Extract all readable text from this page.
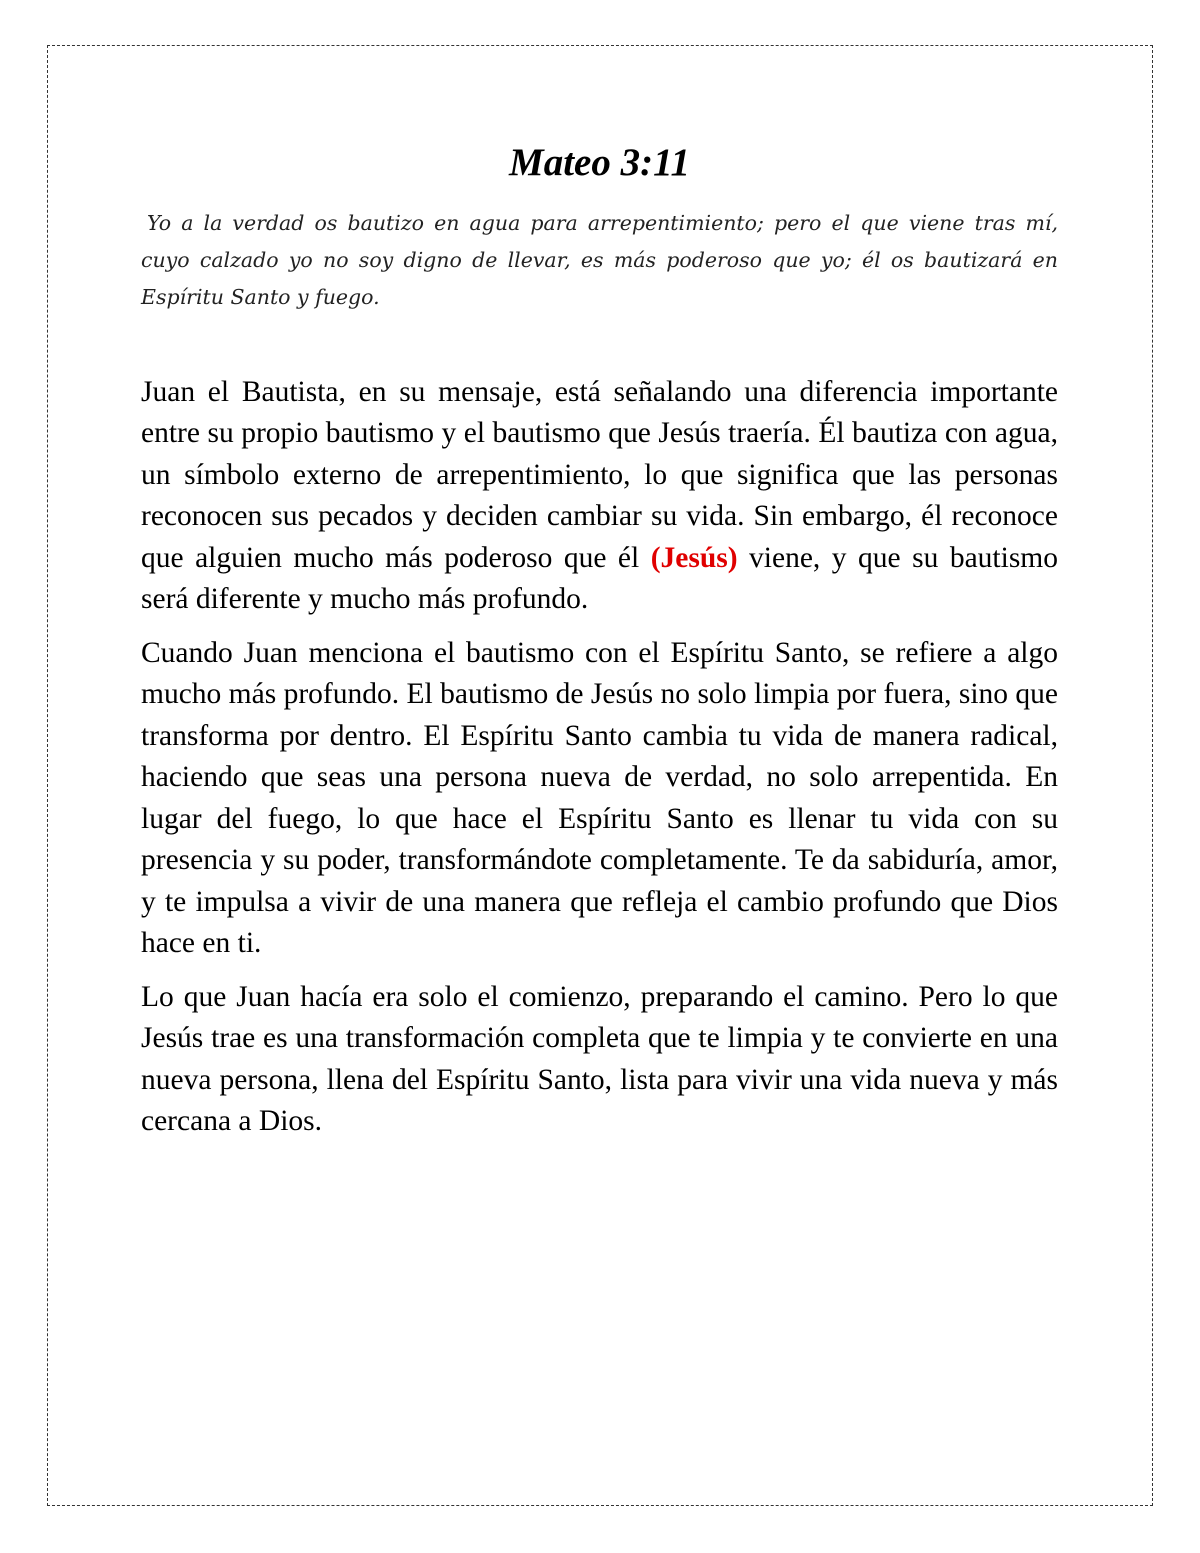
Mateo 3:11

Yo a la verdad os bautizo en agua para arrepentimiento; pero el que viene tras mí, cuyo calzado yo no soy digno de llevar, es más poderoso que yo; él os bautizará en Espíritu Santo y fuego.

Juan el Bautista, en su mensaje, está señalando una diferencia importante entre su propio bautismo y el bautismo que Jesús traería. Él bautiza con agua, un símbolo externo de arrepentimiento, lo que significa que las personas reconocen sus pecados y deciden cambiar su vida. Sin embargo, él reconoce que alguien mucho más poderoso que él (Jesús) viene, y que su bautismo será diferente y mucho más profundo.

Cuando Juan menciona el bautismo con el Espíritu Santo, se refiere a algo mucho más profundo. El bautismo de Jesús no solo limpia por fuera, sino que transforma por dentro. El Espíritu Santo cambia tu vida de manera radical, haciendo que seas una persona nueva de verdad, no solo arrepentida. En lugar del fuego, lo que hace el Espíritu Santo es llenar tu vida con su presencia y su poder, transformándote completamente. Te da sabiduría, amor, y te impulsa a vivir de una manera que refleja el cambio profundo que Dios hace en ti.

Lo que Juan hacía era solo el comienzo, preparando el camino. Pero lo que Jesús trae es una transformación completa que te limpia y te convierte en una nueva persona, llena del Espíritu Santo, lista para vivir una vida nueva y más cercana a Dios.
